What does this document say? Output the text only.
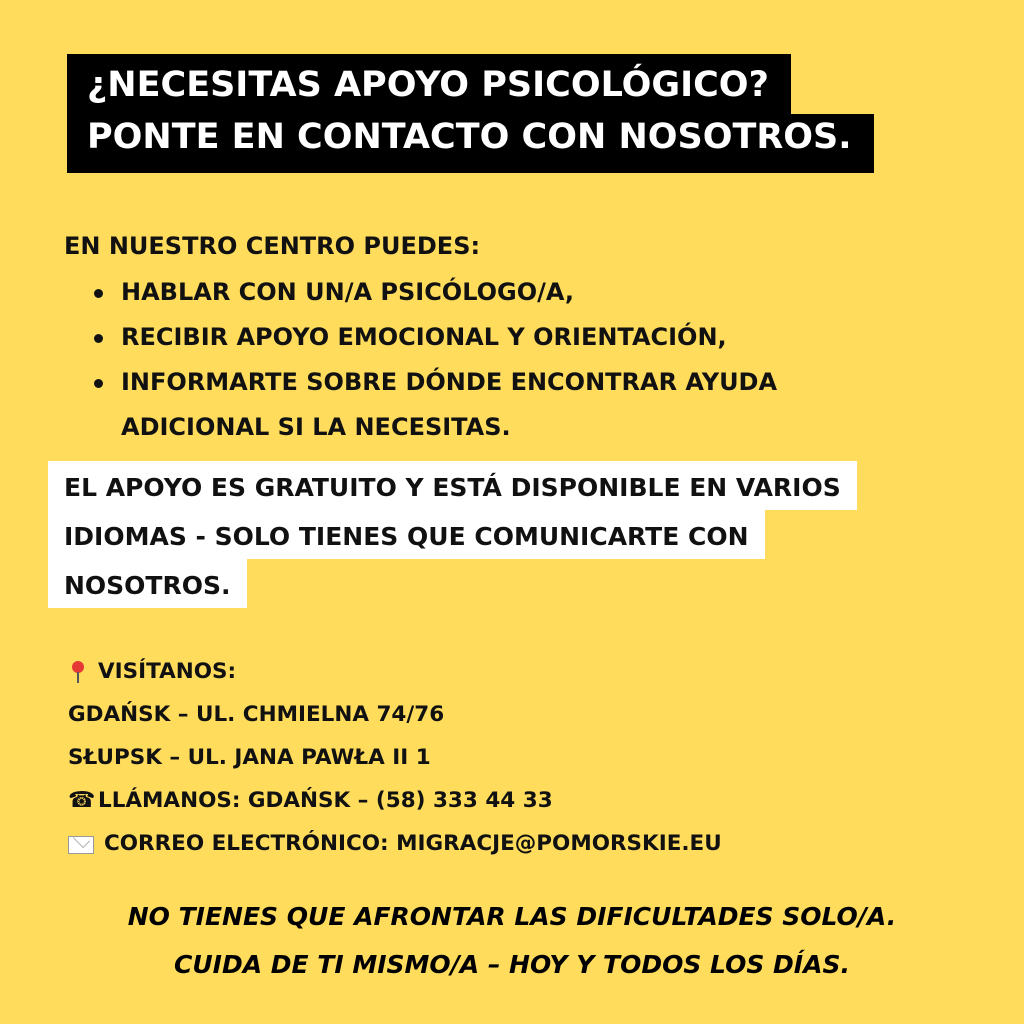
¿NECESITAS APOYO PSICOLÓGICO?
PONTE EN CONTACTO CON NOSOTROS.
EN NUESTRO CENTRO PUEDES:
HABLAR CON UN/A PSICÓLOGO/A,
RECIBIR APOYO EMOCIONAL Y ORIENTACIÓN,
INFORMARTE SOBRE DÓNDE ENCONTRAR AYUDA ADICIONAL SI LA NECESITAS.
EL APOYO ES GRATUITO Y ESTÁ DISPONIBLE EN VARIOS
IDIOMAS - SOLO TIENES QUE COMUNICARTE CON
NOSOTROS.
VISÍTANOS:
GDAŃSK – UL. CHMIELNA 74/76
SŁUPSK – UL. JANA PAWŁA II 1
☎ LLÁMANOS: GDAŃSK – (58) 333 44 33
CORREO ELECTRÓNICO: MIGRACJE@POMORSKIE.EU
NO TIENES QUE AFRONTAR LAS DIFICULTADES SOLO/A.
CUIDA DE TI MISMO/A – HOY Y TODOS LOS DÍAS.
